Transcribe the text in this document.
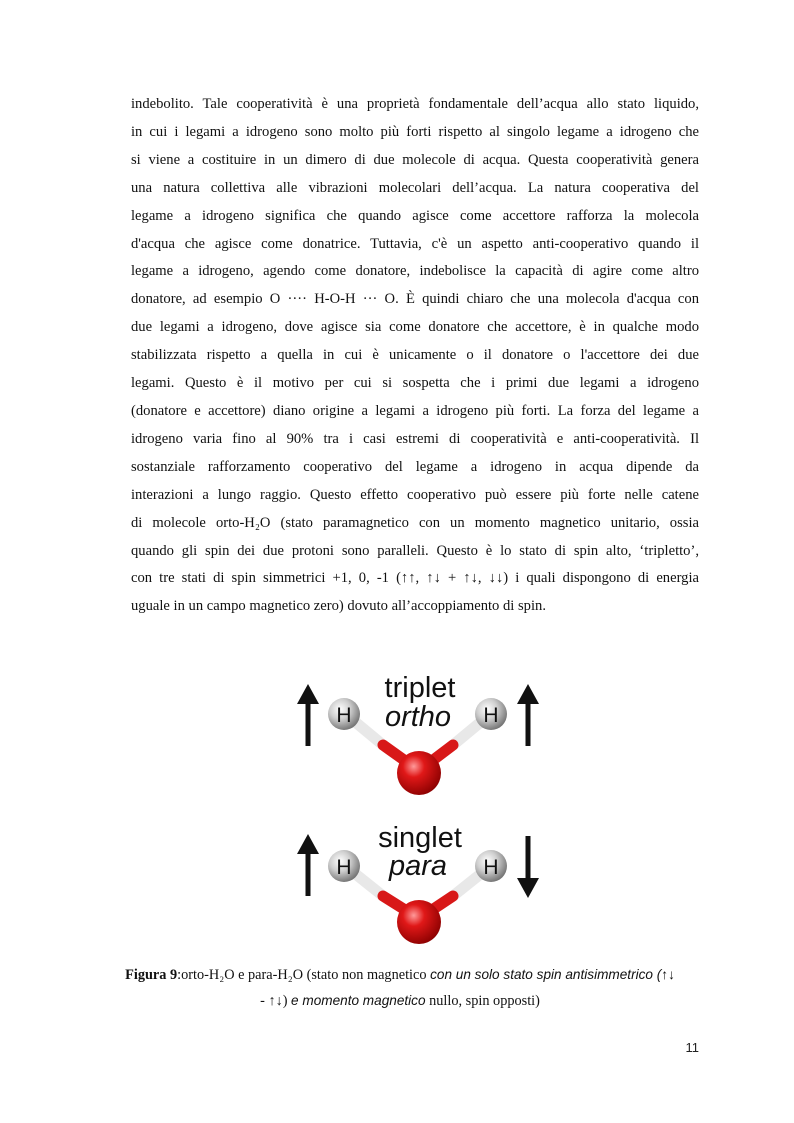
indebolito. Tale cooperatività è una proprietà fondamentale dell’acqua allo stato liquido,
in cui i legami a idrogeno sono molto più forti rispetto al singolo legame a idrogeno che
si viene a costituire in un dimero di due molecole di acqua. Questa cooperatività genera
una natura collettiva alle vibrazioni molecolari dell’acqua. La natura cooperativa del
legame a idrogeno significa che quando agisce come accettore rafforza la molecola
d'acqua che agisce come donatrice. Tuttavia, c'è un aspetto anti-cooperativo quando il
legame a idrogeno, agendo come donatore, indebolisce la capacità di agire come altro
donatore, ad esempio O ···· H-O-H ··· O. È quindi chiaro che una molecola d'acqua con
due legami a idrogeno, dove agisce sia come donatore che accettore, è in qualche modo
stabilizzata rispetto a quella in cui è unicamente o il donatore o l'accettore dei due
legami. Questo è il motivo per cui si sospetta che i primi due legami a idrogeno
(donatore e accettore) diano origine a legami a idrogeno più forti. La forza del legame a
idrogeno varia fino al 90% tra i casi estremi di cooperatività e anti-cooperatività. Il
sostanziale rafforzamento cooperativo del legame a idrogeno in acqua dipende da
interazioni a lungo raggio. Questo effetto cooperativo può essere più forte nelle catene
di molecole orto-H₂O (stato paramagnetico con un momento magnetico unitario, ossia
quando gli spin dei due protoni sono paralleli. Questo è lo stato di spin alto, ‘tripletto’,
con tre stati di spin simmetrici +1, 0, -1 (↑↑, ↑↓ + ↑↓, ↓↓) i quali dispongono di energia
uguale in un campo magnetico zero) dovuto all’accoppiamento di spin.
H	H
triplet
ortho
H	H
singlet
para
Figura 9:orto-H₂O e para-H₂O (stato non magnetico con un solo stato spin antisimmetrico (↑↓
- ↑↓) e momento magnetico nullo, spin opposti)
11
